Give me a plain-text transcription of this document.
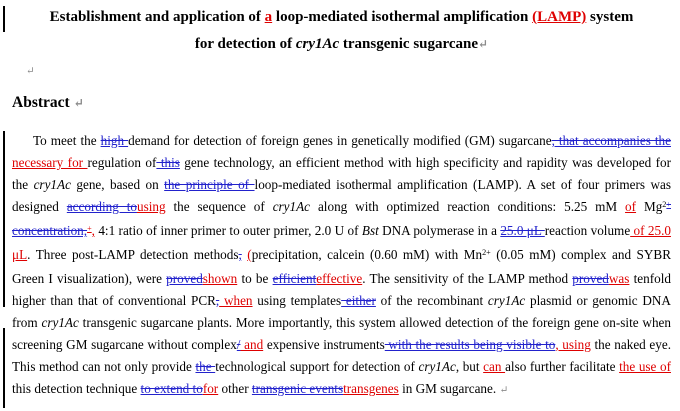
Establishment and application of a loop-mediated isothermal amplification (LAMP) system
for detection of cry1Ac transgenic sugarcane↵
↵
Abstract ↵

To meet the high demand for detection of foreign genes in genetically modified (GM) sugarcane, that accompanies the necessary for regulation of this gene technology, an efficient method with high specificity and rapidity was developed for the cry1Ac gene, based on the principle of loop-mediated isothermal amplification (LAMP). A set of four primers was designed according tousing the sequence of cry1Ac along with optimized reaction conditions: 5.25 mM of $Mg^{2+}$ concentration,+, 4:1 ratio of inner primer to outer primer, 2.0 U of Bst DNA polymerase in a 25.0 μL reaction volume of 25.0 μL. Three post-LAMP detection methods, (precipitation, calcein (0.60 mM) with $Mn^{2+}$ (0.05 mM) complex and SYBR Green I visualization), were provedshown to be efficienteffective. The sensitivity of the LAMP method provedwas tenfold higher than that of conventional PCR, when using templates either of the recombinant cry1Ac plasmid or genomic DNA from cry1Ac transgenic sugarcane plants. More importantly, this system allowed detection of the foreign gene on-site when screening GM sugarcane without complex/ and expensive instruments with the results being visible to, using the naked eye. This method can not only provide the technological support for detection of cry1Ac, but can also further facilitate the use of this detection technique to extend tofor other transgenic eventstransgenes in GM sugarcane. ↵
